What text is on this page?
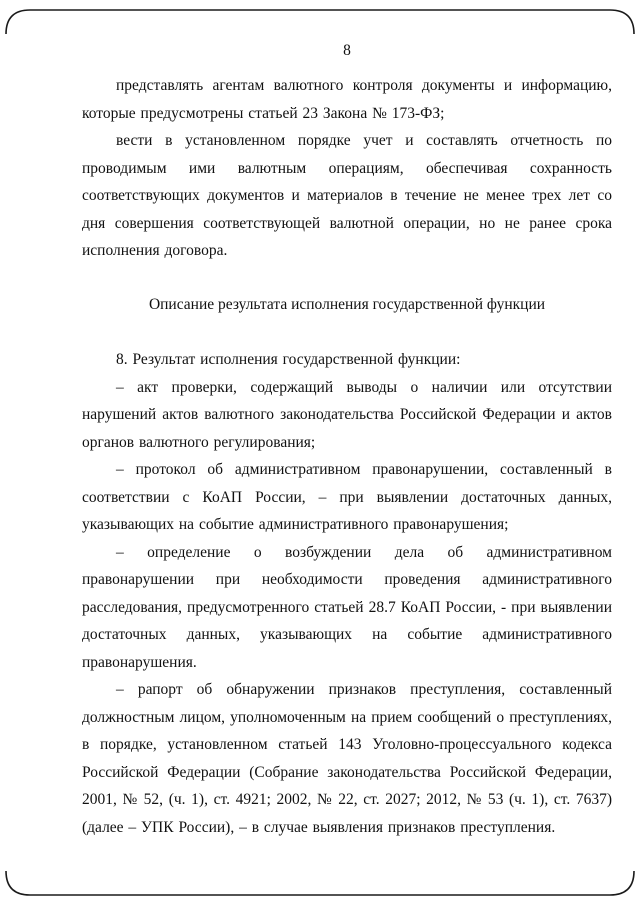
8

представлять агентам валютного контроля документы и информацию, которые предусмотрены статьей 23 Закона № 173-ФЗ;

вести в установленном порядке учет и составлять отчетность по проводимым ими валютным операциям, обеспечивая сохранность соответствующих документов и материалов в течение не менее трех лет со дня совершения соответствующей валютной операции, но не ранее срока исполнения договора.

Описание результата исполнения государственной функции

8. Результат исполнения государственной функции:

– акт проверки, содержащий выводы о наличии или отсутствии нарушений актов валютного законодательства Российской Федерации и актов органов валютного регулирования;

– протокол об административном правонарушении, составленный в соответствии с КоАП России, – при выявлении достаточных данных, указывающих на событие административного правонарушения;

– определение о возбуждении дела об административном правонарушении при необходимости проведения административного расследования, предусмотренного статьей 28.7 КоАП России, - при выявлении достаточных данных, указывающих на событие административного правонарушения.

– рапорт об обнаружении признаков преступления, составленный должностным лицом, уполномоченным на прием сообщений о преступлениях, в порядке, установленном статьей 143 Уголовно-процессуального кодекса Российской Федерации (Собрание законодательства Российской Федерации, 2001, № 52, (ч. 1), ст. 4921; 2002, № 22, ст. 2027; 2012, № 53 (ч. 1), ст. 7637) (далее – УПК России), – в случае выявления признаков преступления.
